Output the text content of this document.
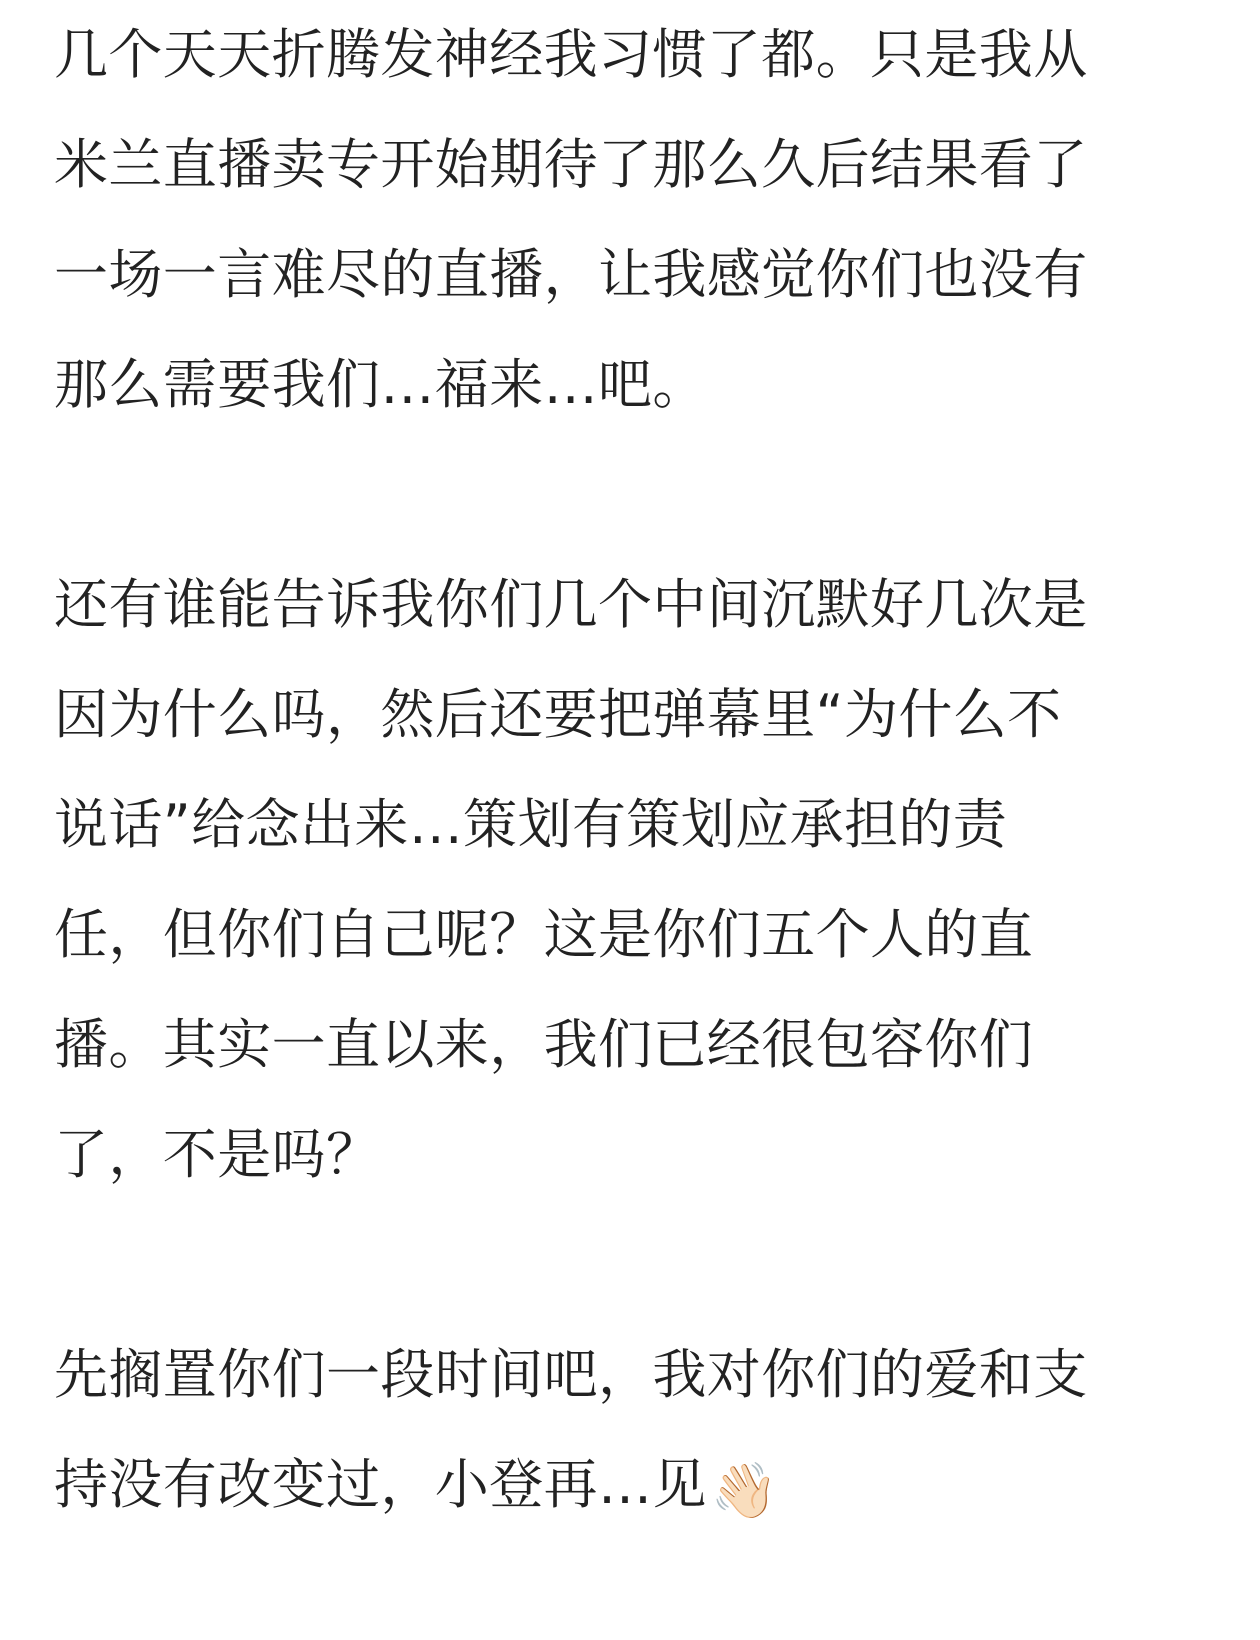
几个天天折腾发神经我习惯了都。只是我从
米兰直播卖专开始期待了那么久后结果看了
一场一言难尽的直播，让我感觉你们也没有
那么需要我们…福来…吧。
还有谁能告诉我你们几个中间沉默好几次是
因为什么吗，然后还要把弹幕里“为什么不
说话”给念出来…策划有策划应承担的责
任，但你们自己呢？这是你们五个人的直
播。其实一直以来，我们已经很包容你们
了，不是吗？
先搁置你们一段时间吧，我对你们的爱和支
持没有改变过，小登再…见👋🏻
